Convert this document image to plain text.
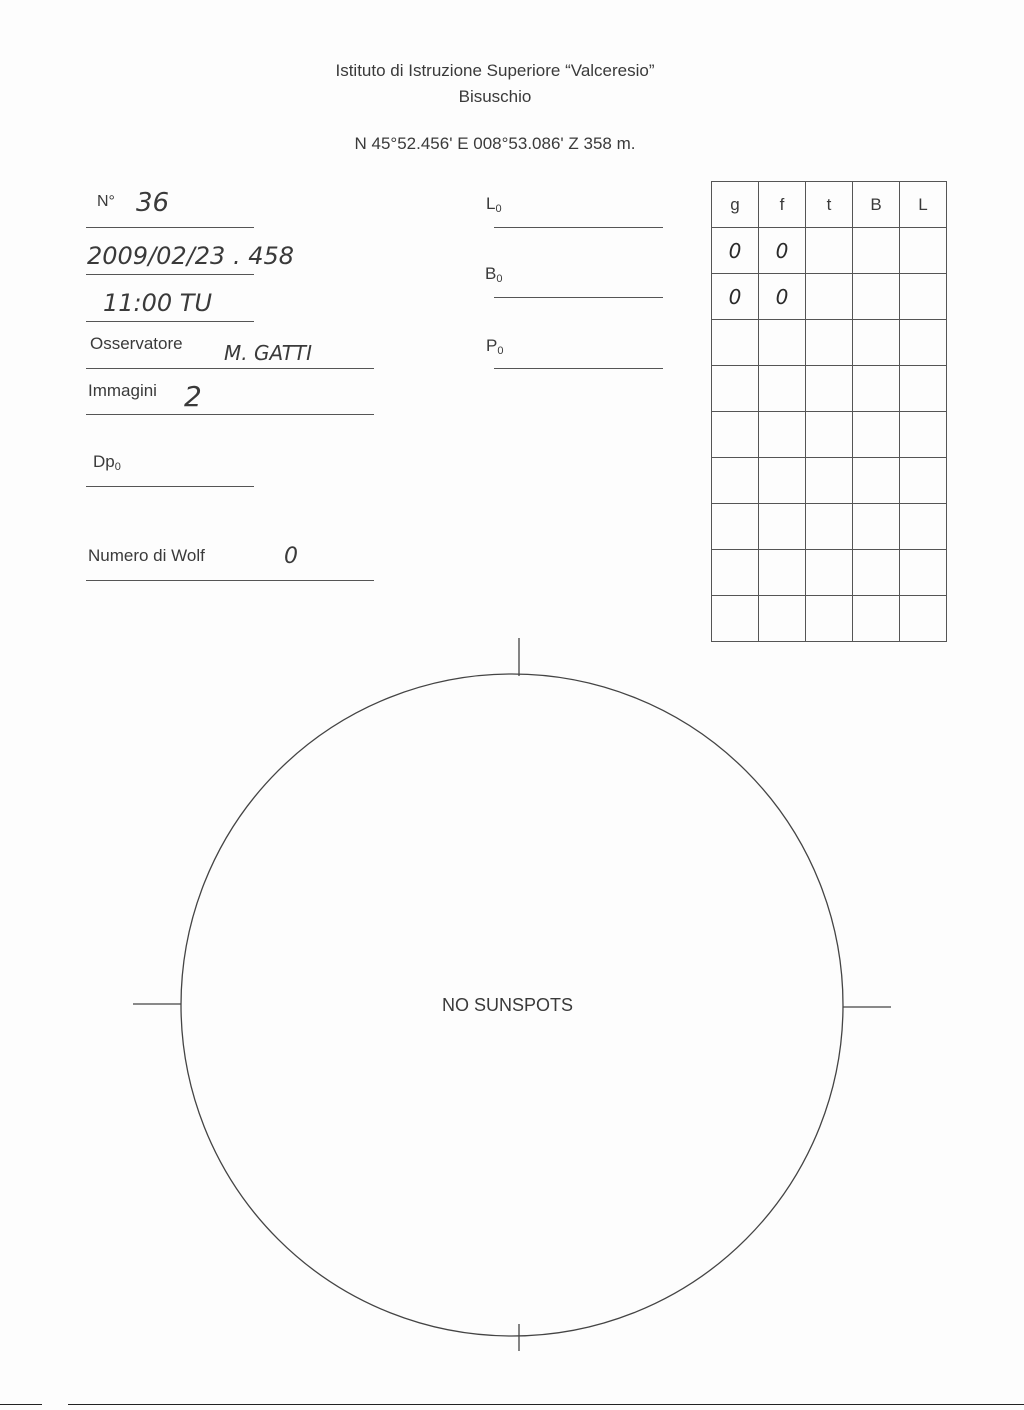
Istituto di Istruzione Superiore “Valceresio”
Bisuschio
N 45°52.456' E 008°53.086' Z 358 m.
N° 36
2009/02/23 . 458
11:00 TU
Osservatore M. GATTI
Immagini 2
$Dp_0$
Numero di Wolf	0
$L_0$
$B_0$
$P_0$
g	f	t	B	L
0	0			
0	0			

NO SUNSPOTS
